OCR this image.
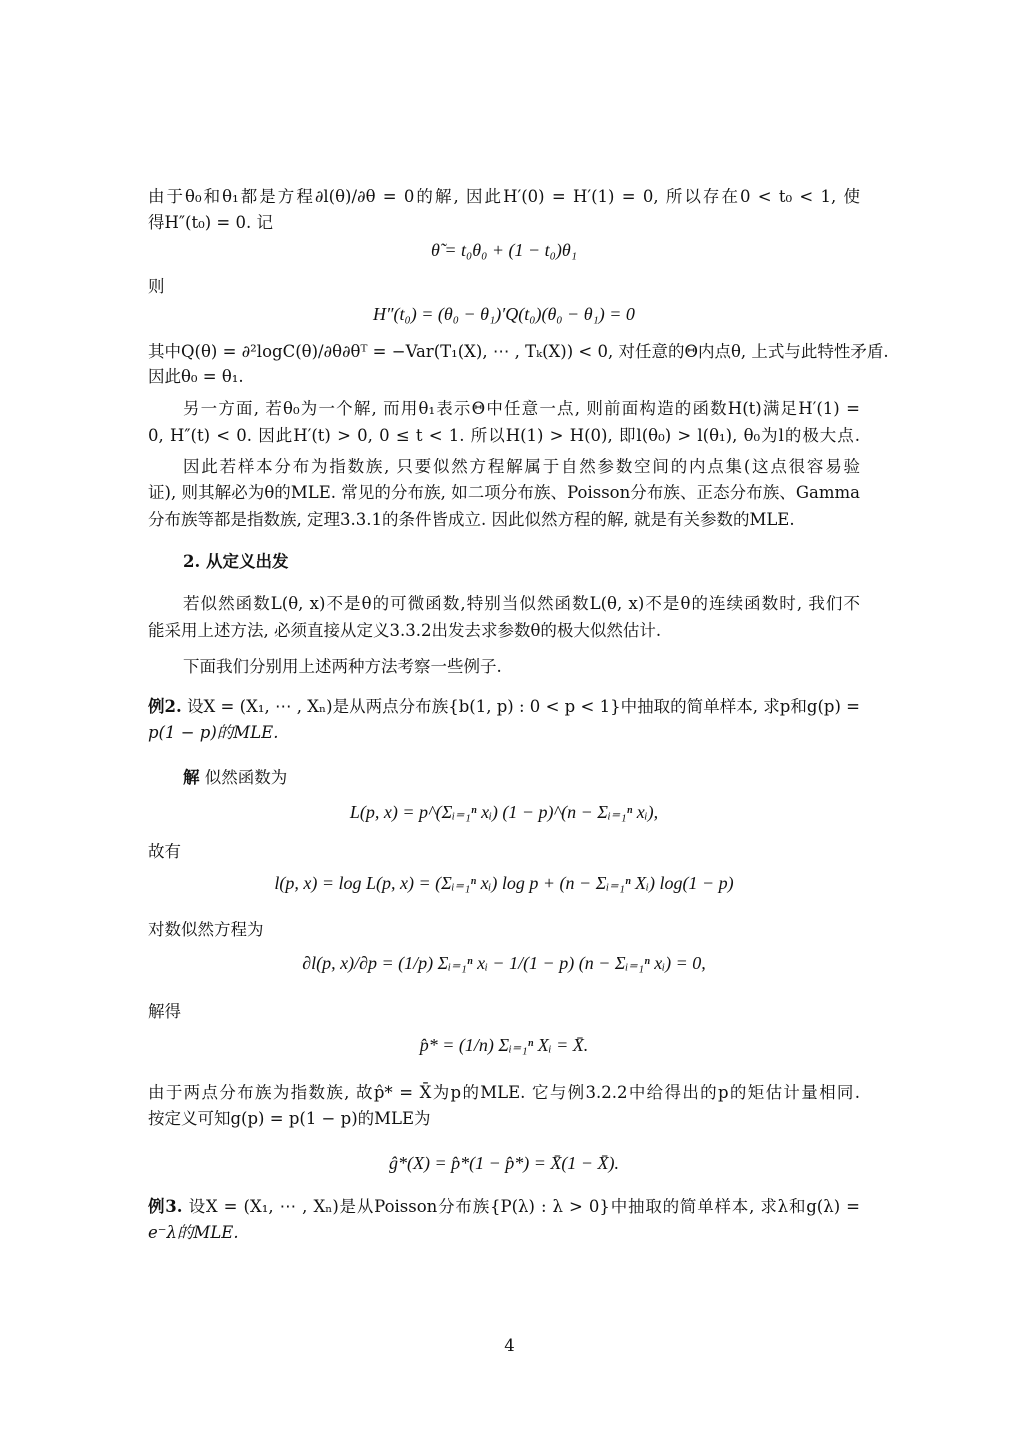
由于θ₀和θ₁都是方程∂l(θ)/∂θ = 0的解, 因此H′(0) = H′(1) = 0, 所以存在0 < t₀ < 1, 使
得H″(t₀) = 0. 记
θ̃ = t₀θ₀ + (1 − t₀)θ₁
则
H″(t₀) = (θ₀ − θ₁)′Q(t₀)(θ₀ − θ₁) = 0
其中Q(θ) = ∂²logC(θ)/∂θ∂θᵀ = −Var(T₁(X), ⋯ , Tₖ(X)) < 0, 对任意的Θ内点θ, 上式与此特性矛盾.
因此θ₀ = θ₁.
另一方面, 若θ₀为一个解, 而用θ₁表示Θ中任意一点, 则前面构造的函数H(t)满足H′(1) =
0, H″(t) < 0. 因此H′(t) > 0, 0 ≤ t < 1. 所以H(1) > H(0), 即l(θ₀) > l(θ₁), θ₀为l的极大点.
因此若样本分布为指数族, 只要似然方程解属于自然参数空间的内点集(这点很容易验
证), 则其解必为θ的MLE. 常见的分布族, 如二项分布族、Poisson分布族、正态分布族、Gamma
分布族等都是指数族, 定理3.3.1的条件皆成立. 因此似然方程的解, 就是有关参数的MLE.
2. 从定义出发
若似然函数L(θ, x)不是θ的可微函数,特别当似然函数L(θ, x)不是θ的连续函数时, 我们不
能采用上述方法, 必须直接从定义3.3.2出发去求参数θ的极大似然估计.
下面我们分别用上述两种方法考察一些例子.
例2. 设X = (X₁, ⋯ , Xₙ)是从两点分布族{b(1, p) : 0 < p < 1}中抽取的简单样本, 求p和g(p) =
p(1 − p)的MLE.
解 似然函数为
L(p, x) = p^(Σᵢ₌₁ⁿ xᵢ) (1 − p)^(n − Σᵢ₌₁ⁿ xᵢ),
故有
l(p, x) = log L(p, x) = (Σᵢ₌₁ⁿ xᵢ) log p + (n − Σᵢ₌₁ⁿ Xᵢ) log(1 − p)
对数似然方程为
∂l(p, x)/∂p = (1/p) Σᵢ₌₁ⁿ xᵢ − 1/(1 − p) (n − Σᵢ₌₁ⁿ xᵢ) = 0,
解得
p̂* = (1/n) Σᵢ₌₁ⁿ Xᵢ = X̄.
由于两点分布族为指数族, 故p̂* = X̄为p的MLE. 它与例3.2.2中给得出的p的矩估计量相同.
按定义可知g(p) = p(1 − p)的MLE为
ĝ*(X) = p̂*(1 − p̂*) = X̄(1 − X̄).
例3. 设X = (X₁, ⋯ , Xₙ)是从Poisson分布族{P(λ) : λ > 0}中抽取的简单样本, 求λ和g(λ) =
e⁻λ的MLE.
4
